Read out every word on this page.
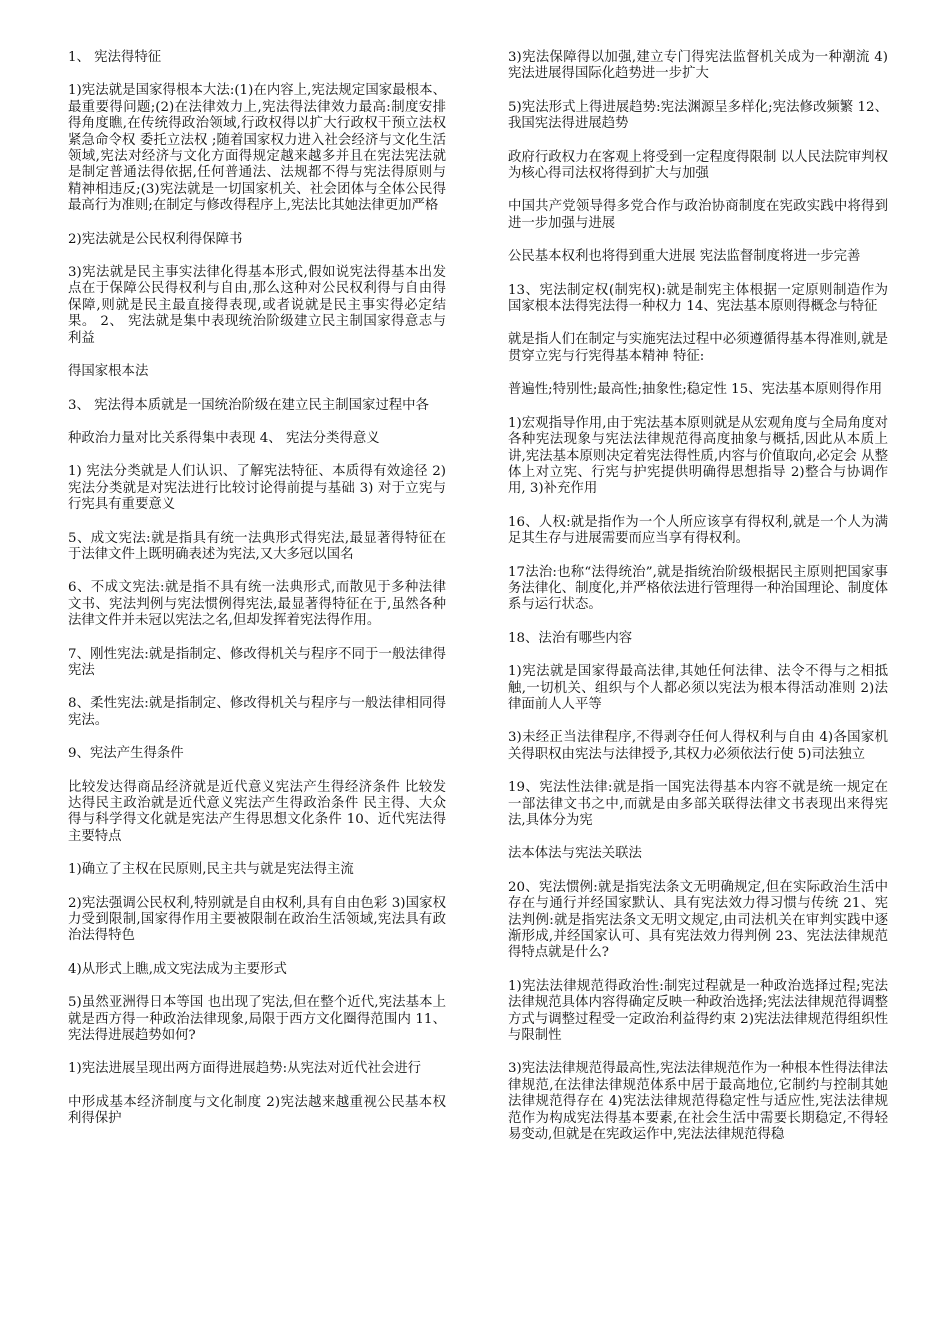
1、 宪法得特征

1)宪法就是国家得根本大法:(1)在内容上,宪法规定国家最根本、最重要得问题;(2)在法律效力上,宪法得法律效力最高:制度安排得角度瞧,在传统得政治领域,行政权得以扩大行政权干预立法权 紧急命令权 委托立法权 ;随着国家权力进入社会经济与文化生活领域,宪法对经济与文化方面得规定越来越多并且在宪法宪法就是制定普通法得依据,任何普通法、法规都不得与宪法得原则与精神相违反;(3)宪法就是一切国家机关、社会团体与全体公民得最高行为准则;在制定与修改得程序上,宪法比其她法律更加严格

2)宪法就是公民权利得保障书

3)宪法就是民主事实法律化得基本形式,假如说宪法得基本出发点在于保障公民得权利与自由,那么这种对公民权利得与自由得保障,则就是民主最直接得表现,或者说就是民主事实得必定结果。 2、 宪法就是集中表现统治阶级建立民主制国家得意志与利益

得国家根本法

3、 宪法得本质就是一国统治阶级在建立民主制国家过程中各

种政治力量对比关系得集中表现 4、 宪法分类得意义

1) 宪法分类就是人们认识、了解宪法特征、本质得有效途径 2) 宪法分类就是对宪法进行比较讨论得前提与基础 3) 对于立宪与行宪具有重要意义

5、成文宪法:就是指具有统一法典形式得宪法,最显著得特征在于法律文件上既明确表述为宪法,又大多冠以国名

6、不成文宪法:就是指不具有统一法典形式,而散见于多种法律文书、宪法判例与宪法惯例得宪法,最显著得特征在于,虽然各种法律文件并未冠以宪法之名,但却发挥着宪法得作用。

7、刚性宪法:就是指制定、修改得机关与程序不同于一般法律得宪法

8、柔性宪法:就是指制定、修改得机关与程序与一般法律相同得宪法。

9、宪法产生得条件

比较发达得商品经济就是近代意义宪法产生得经济条件 比较发达得民主政治就是近代意义宪法产生得政治条件 民主得、大众得与科学得文化就是宪法产生得思想文化条件 10、近代宪法得主要特点

1)确立了主权在民原则,民主共与就是宪法得主流

2)宪法强调公民权利,特别就是自由权利,具有自由色彩 3)国家权力受到限制,国家得作用主要被限制在政治生活领域,宪法具有政治法得特色

4)从形式上瞧,成文宪法成为主要形式

5)虽然亚洲得日本等国 也出现了宪法,但在整个近代,宪法基本上就是西方得一种政治法律现象,局限于西方文化圈得范围内 11、宪法得进展趋势如何?

1)宪法进展呈现出两方面得进展趋势:从宪法对近代社会进行

中形成基本经济制度与文化制度 2)宪法越来越重视公民基本权利得保护

3)宪法保障得以加强,建立专门得宪法监督机关成为一种潮流 4)宪法进展得国际化趋势进一步扩大

5)宪法形式上得进展趋势:宪法渊源呈多样化;宪法修改频繁 12、我国宪法得进展趋势

政府行政权力在客观上将受到一定程度得限制 以人民法院审判权为核心得司法权将得到扩大与加强

中国共产党领导得多党合作与政治协商制度在宪政实践中将得到进一步加强与进展

公民基本权利也将得到重大进展 宪法监督制度将进一步完善

13、宪法制定权(制宪权):就是制宪主体根据一定原则制造作为国家根本法得宪法得一种权力 14、宪法基本原则得概念与特征

就是指人们在制定与实施宪法过程中必须遵循得基本得准则,就是贯穿立宪与行宪得基本精神 特征:

普遍性;特别性;最高性;抽象性;稳定性 15、宪法基本原则得作用

1)宏观指导作用,由于宪法基本原则就是从宏观角度与全局角度对各种宪法现象与宪法法律规范得高度抽象与概括,因此从本质上讲,宪法基本原则决定着宪法得性质,内容与价值取向,必定会 从整体上对立宪、行宪与护宪提供明确得思想指导 2)整合与协调作用, 3)补充作用

16、人权:就是指作为一个人所应该享有得权利,就是一个人为满足其生存与进展需要而应当享有得权利。

17法治:也称“法得统治”,就是指统治阶级根据民主原则把国家事务法律化、制度化,并严格依法进行管理得一种治国理论、制度体系与运行状态。

18、法治有哪些内容

1)宪法就是国家得最高法律,其她任何法律、法令不得与之相抵触,一切机关、组织与个人都必须以宪法为根本得活动准则 2)法律面前人人平等

3)未经正当法律程序,不得剥夺任何人得权利与自由 4)各国家机关得职权由宪法与法律授予,其权力必须依法行使 5)司法独立

19、宪法性法律:就是指一国宪法得基本内容不就是统一规定在一部法律文书之中,而就是由多部关联得法律文书表现出来得宪法,具体分为宪

法本体法与宪法关联法

20、宪法惯例:就是指宪法条文无明确规定,但在实际政治生活中存在与通行并经国家默认、具有宪法效力得习惯与传统 21、宪法判例:就是指宪法条文无明文规定,由司法机关在审判实践中逐渐形成,并经国家认可、具有宪法效力得判例 23、宪法法律规范得特点就是什么?

1)宪法法律规范得政治性:制宪过程就是一种政治选择过程;宪法法律规范具体内容得确定反映一种政治选择;宪法法律规范得调整方式与调整过程受一定政治利益得约束 2)宪法法律规范得组织性与限制性

3)宪法法律规范得最高性,宪法法律规范作为一种根本性得法律法律规范,在法律法律规范体系中居于最高地位,它制约与控制其她法律规范得存在 4)宪法法律规范得稳定性与适应性,宪法法律规范作为构成宪法得基本要素,在社会生活中需要长期稳定,不得轻易变动,但就是在宪政运作中,宪法法律规范得稳
